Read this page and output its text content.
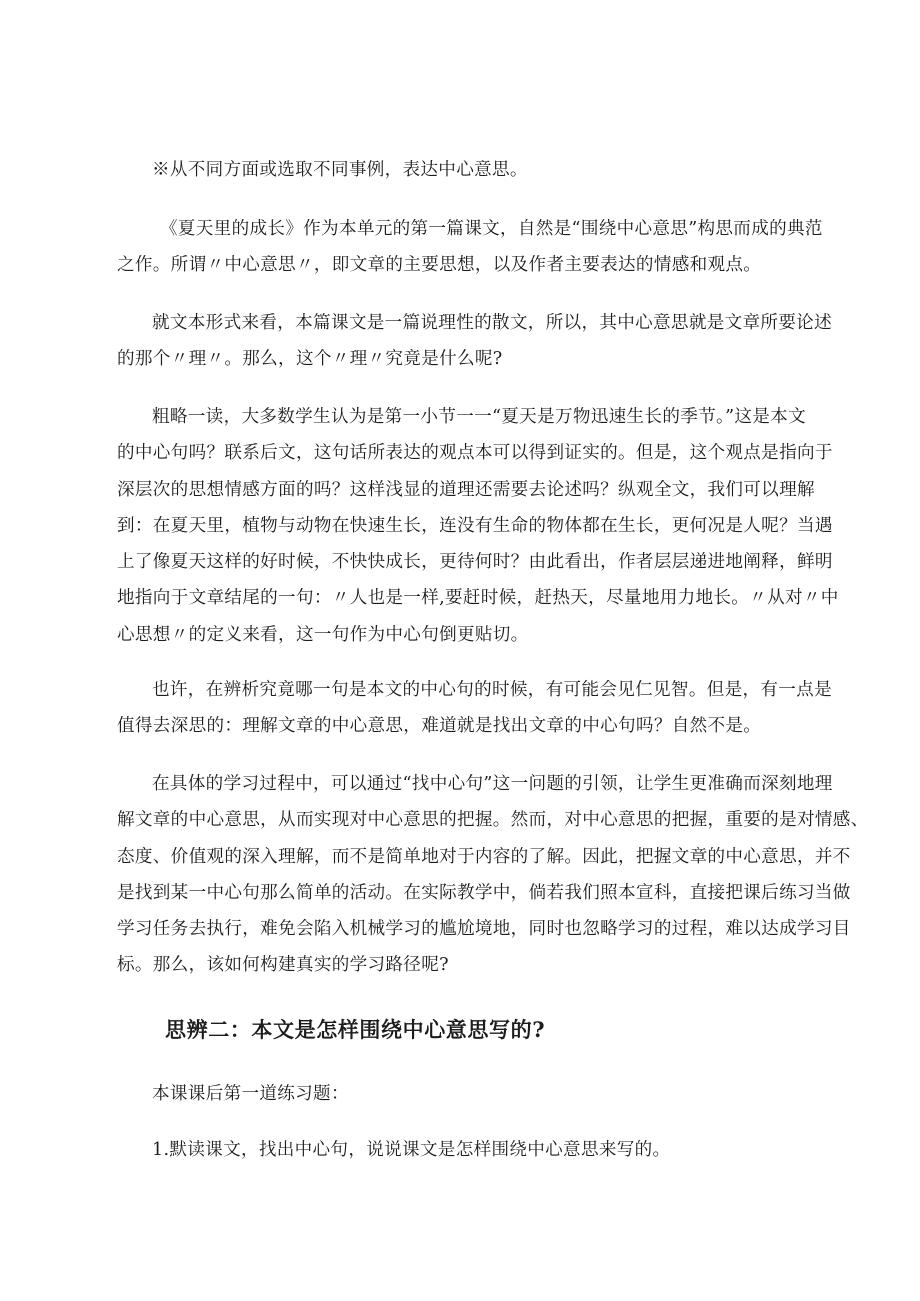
※从不同方面或选取不同事例，表达中心意思。

《夏天里的成长》作为本单元的第一篇课文，自然是“围绕中心意思”构思而成的典范
之作。所谓〃中心意思〃，即文章的主要思想，以及作者主要表达的情感和观点。

就文本形式来看，本篇课文是一篇说理性的散文，所以，其中心意思就是文章所要论述
的那个〃理〃。那么，这个〃理〃究竟是什么呢?

粗略一读，大多数学生认为是第一小节一一“夏天是万物迅速生长的季节。”这是本文
的中心句吗？联系后文，这句话所表达的观点本可以得到证实的。但是，这个观点是指向于
深层次的思想情感方面的吗？这样浅显的道理还需要去论述吗？纵观全文，我们可以理解
到：在夏天里，植物与动物在快速生长，连没有生命的物体都在生长，更何况是人呢？当遇
上了像夏天这样的好时候，不快快成长，更待何时？由此看出，作者层层递进地阐释，鲜明
地指向于文章结尾的一句：〃人也是一样,要赶时候，赶热天，尽量地用力地长。〃从对〃中
心思想〃的定义来看，这一句作为中心句倒更贴切。

也许，在辨析究竟哪一句是本文的中心句的时候，有可能会见仁见智。但是，有一点是
值得去深思的：理解文章的中心意思，难道就是找出文章的中心句吗？自然不是。

在具体的学习过程中，可以通过“找中心句”这一问题的引领，让学生更准确而深刻地理
解文章的中心意思，从而实现对中心意思的把握。然而，对中心意思的把握，重要的是对情感、
态度、价值观的深入理解，而不是简单地对于内容的了解。因此，把握文章的中心意思，并不
是找到某一中心句那么简单的活动。在实际教学中，倘若我们照本宣科，直接把课后练习当做
学习任务去执行，难免会陷入机械学习的尴尬境地，同时也忽略学习的过程，难以达成学习目
标。那么，该如何构建真实的学习路径呢?

思辨二：本文是怎样围绕中心意思写的?

本课课后第一道练习题：

1.默读课文，找出中心句，说说课文是怎样围绕中心意思来写的。
